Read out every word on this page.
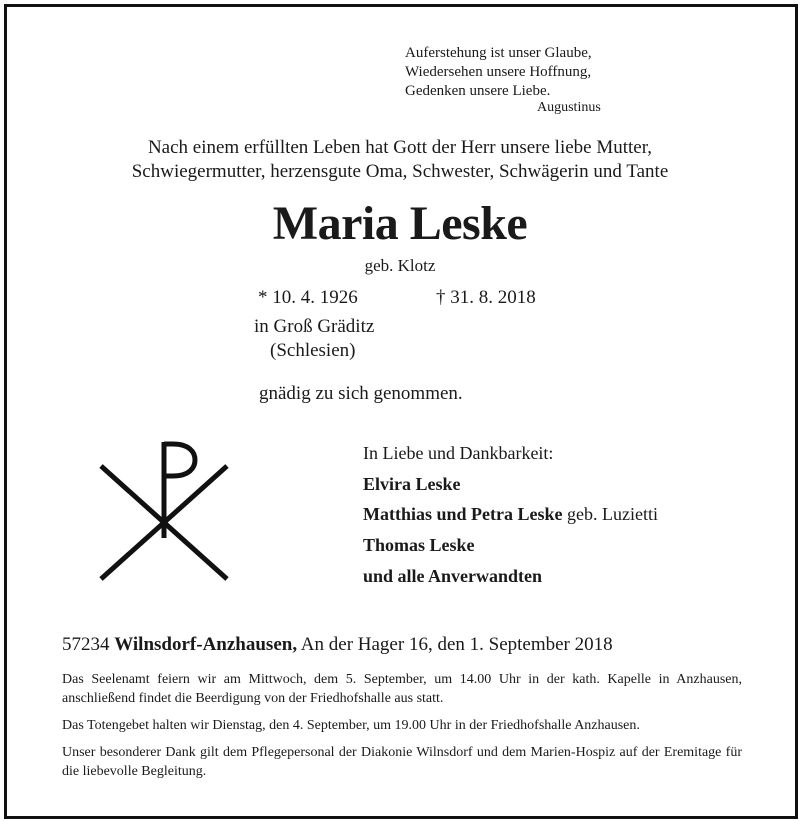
Auferstehung ist unser Glaube,
Wiedersehen unsere Hoffnung,
Gedenken unsere Liebe.
Augustinus
Nach einem erfüllten Leben hat Gott der Herr unsere liebe Mutter,
Schwiegermutter, herzensgute Oma, Schwester, Schwägerin und Tante
Maria Leske
geb. Klotz
* 10. 4. 1926	† 31. 8. 2018
in Groß Gräditz
(Schlesien)
gnädig zu sich genommen.
In Liebe und Dankbarkeit:
Elvira Leske
Matthias und Petra Leske geb. Luzietti
Thomas Leske
und alle Anverwandten
57234 Wilnsdorf-Anzhausen, An der Hager 16, den 1. September 2018
Das Seelenamt feiern wir am Mittwoch, dem 5. September, um 14.00 Uhr in der kath. Kapelle in Anzhausen, anschließend findet die Beerdigung von der Friedhofshalle aus statt.
Das Totengebet halten wir Dienstag, den 4. September, um 19.00 Uhr in der Friedhofshalle Anzhausen.
Unser besonderer Dank gilt dem Pflegepersonal der Diakonie Wilnsdorf und dem Marien-Hospiz auf der Eremitage für die liebevolle Begleitung.
